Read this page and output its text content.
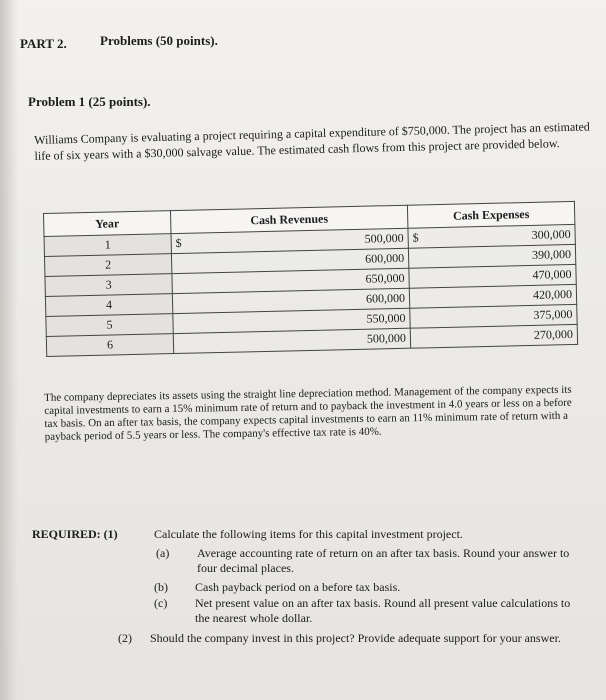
PART 2.	Problems (50 points).
Problem 1 (25 points).
Williams Company is evaluating a project requiring a capital expenditure of $750,000. The project has an estimated life of six years with a $30,000 salvage value. The estimated cash flows from this project are provided below.
Year	Cash Revenues		Cash Expenses	
1	$	500,000	$	300,000
2		600,000		390,000
3		650,000		470,000
4		600,000		420,000
5		550,000		375,000
6		500,000		270,000
The company depreciates its assets using the straight line depreciation method. Management of the company expects its capital investments to earn a 15% minimum rate of return and to payback the investment in 4.0 years or less on a before tax basis. On an after tax basis, the company expects capital investments to earn an 11% minimum rate of return with a payback period of 5.5 years or less. The company's effective tax rate is 40%.
REQUIRED: (1)	Calculate the following items for this capital investment project.
(a) Average accounting rate of return on an after tax basis. Round your answer to four decimal places.
(b) Cash payback period on a before tax basis.
(c) Net present value on an after tax basis. Round all present value calculations to the nearest whole dollar.
(2) Should the company invest in this project? Provide adequate support for your answer.
